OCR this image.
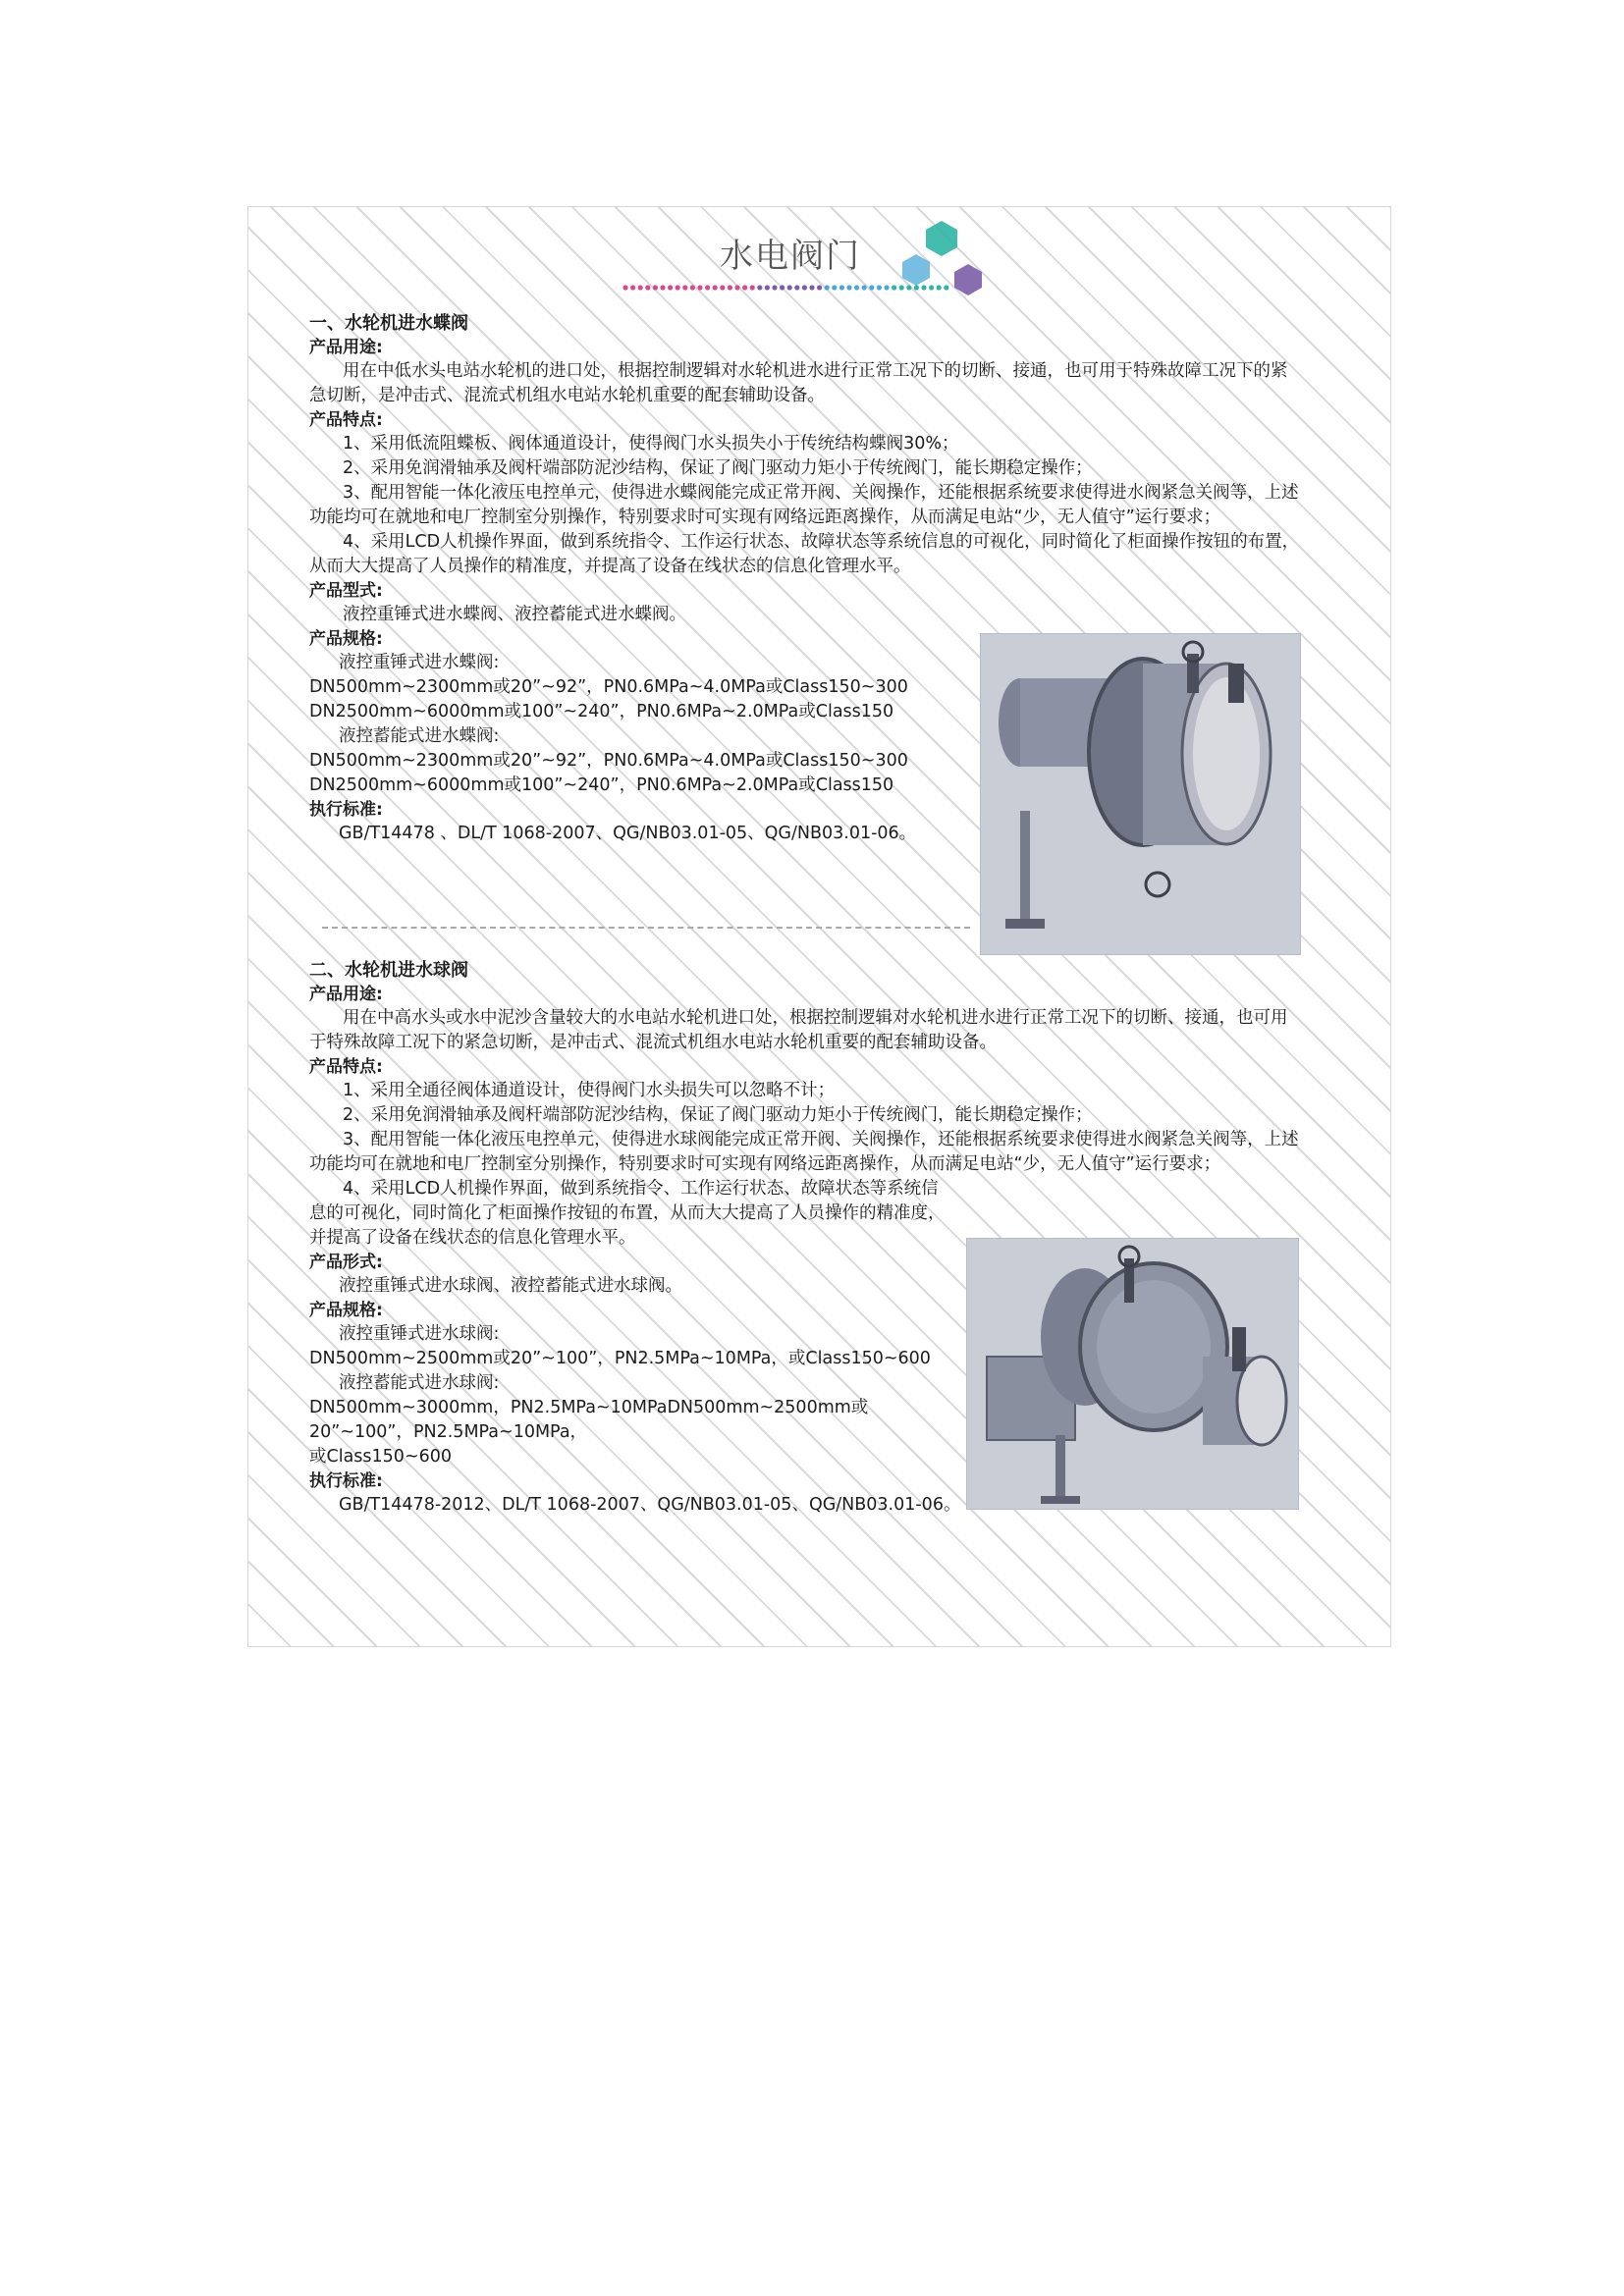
水电阀门
一、水轮机进水蝶阀
产品用途:
用在中低水头电站水轮机的进口处，根据控制逻辑对水轮机进水进行正常工况下的切断、接通，也可用于特殊故障工况下的紧急切断，是冲击式、混流式机组水电站水轮机重要的配套辅助设备。
产品特点:
1、采用低流阻蝶板、阀体通道设计，使得阀门水头损失小于传统结构蝶阀30%；
2、采用免润滑轴承及阀杆端部防泥沙结构，保证了阀门驱动力矩小于传统阀门，能长期稳定操作；
3、配用智能一体化液压电控单元，使得进水蝶阀能完成正常开阀、关阀操作，还能根据系统要求使得进水阀紧急关阀等，上述功能均可在就地和电厂控制室分别操作，特别要求时可实现有网络远距离操作，从而满足电站“少，无人值守”运行要求；
4、采用LCD人机操作界面，做到系统指令、工作运行状态、故障状态等系统信息的可视化，同时简化了柜面操作按钮的布置，从而大大提高了人员操作的精准度，并提高了设备在线状态的信息化管理水平。
产品型式:
液控重锤式进水蝶阀、液控蓄能式进水蝶阀。
产品规格:
液控重锤式进水蝶阀:
DN500mm~2300mm或20”~92”，PN0.6MPa~4.0MPa或Class150~300
DN2500mm~6000mm或100”~240”，PN0.6MPa~2.0MPa或Class150
液控蓄能式进水蝶阀:
DN500mm~2300mm或20”~92”，PN0.6MPa~4.0MPa或Class150~300
DN2500mm~6000mm或100”~240”，PN0.6MPa~2.0MPa或Class150
执行标准:
GB/T14478 、DL/T 1068-2007、QG/NB03.01-05、QG/NB03.01-06。
二、水轮机进水球阀
产品用途:
用在中高水头或水中泥沙含量较大的水电站水轮机进口处，根据控制逻辑对水轮机进水进行正常工况下的切断、接通，也可用于特殊故障工况下的紧急切断，是冲击式、混流式机组水电站水轮机重要的配套辅助设备。
产品特点:
1、采用全通径阀体通道设计，使得阀门水头损失可以忽略不计；
2、采用免润滑轴承及阀杆端部防泥沙结构，保证了阀门驱动力矩小于传统阀门，能长期稳定操作；
3、配用智能一体化液压电控单元，使得进水球阀能完成正常开阀、关阀操作，还能根据系统要求使得进水阀紧急关阀等，上述功能均可在就地和电厂控制室分别操作，特别要求时可实现有网络远距离操作，从而满足电站“少，无人值守”运行要求；
4、采用LCD人机操作界面，做到系统指令、工作运行状态、故障状态等系统信息的可视化，同时简化了柜面操作按钮的布置，从而大大提高了人员操作的精准度，并提高了设备在线状态的信息化管理水平。
产品形式:
液控重锤式进水球阀、液控蓄能式进水球阀。
产品规格:
液控重锤式进水球阀:
DN500mm~2500mm或20”~100”，PN2.5MPa~10MPa，或Class150~600
液控蓄能式进水球阀:
DN500mm~3000mm，PN2.5MPa~10MPaDN500mm~2500mm或20”~100”，PN2.5MPa~10MPa，
或Class150~600
执行标准:
GB/T14478-2012、DL/T 1068-2007、QG/NB03.01-05、QG/NB03.01-06。
